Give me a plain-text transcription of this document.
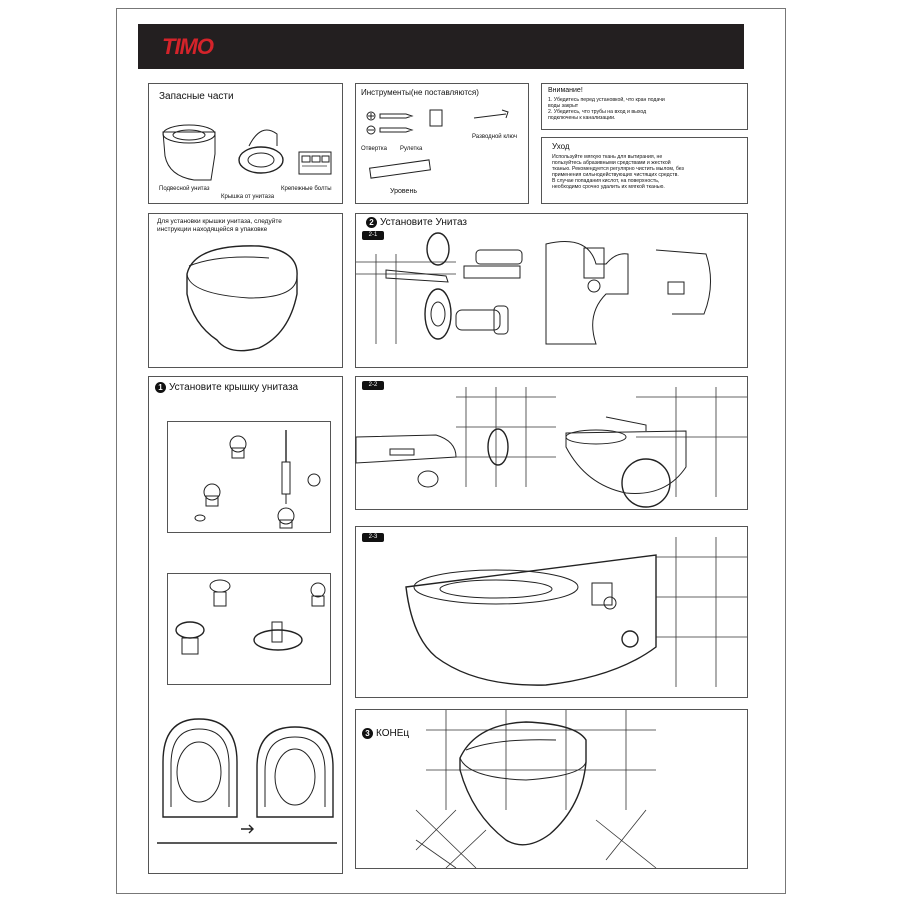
TIMO
Запасные части
Подвесной унитаз
Крышка от унитаза
Крепежные болты
Инструменты(не поставляются)
Отвертка Рулетка
Разводной ключ
Уровень
Внимание!
1. Убедитесь перед установкой, что кран подачи
воды закрыт
2. Убедитесь, что трубы на вход и выход
подключены к канализации.
Уход
Используйте мягкую ткань для вытирания, не
пользуйтесь абразивными средствами и жесткой
тканью. Рекомендуется регулярно чистить мылом, без
применения сильнодействующих чистящих средств.
В случае попадания кислот, на поверхность,
необходимо срочно удалить их мягкой тканью.
Для установки крышки унитаза, следуйте
инструкции находящейся в упаковке
2 Установите Унитаз
2-1
1 Установите крышку унитаза	2-2
2-3
3 КОНЕц
